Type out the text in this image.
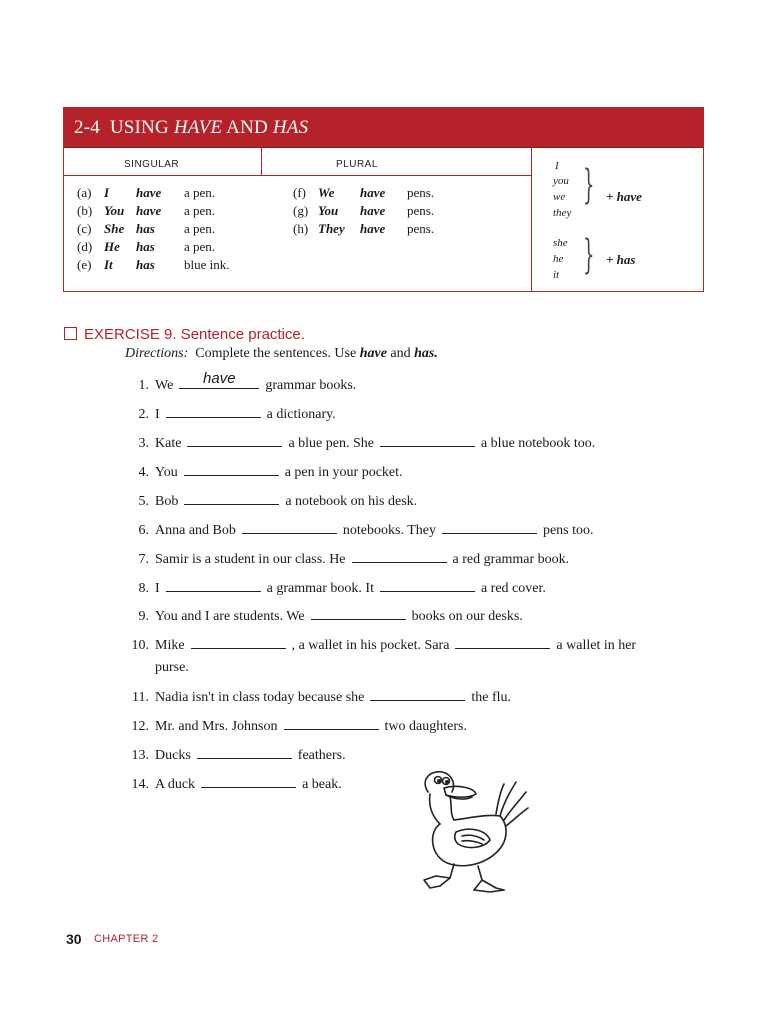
2-4 USING HAVE AND HAS
SINGULAR	PLURAL
(a) I have a pen.
(b) You have a pen.
(c) She has a pen.
(d) He has a pen.
(e) It has blue ink.
(f) We have pens.
(g) You have pens.
(h) They have pens.
I
you
we
they
} + have
she
he
it } + has
EXERCISE 9. Sentence practice.
Directions: Complete the sentences. Use have and has.
1. We	have	grammar books.
2. I	a dictionary.
3. Kate	a blue pen. She	a blue notebook too.
4. You	a pen in your pocket.
5. Bob	a notebook on his desk.
6. Anna and Bob	notebooks. They	pens too.
7. Samir is a student in our class. He	a red grammar book.
8. I	a grammar book. It	a red cover.
9. You and I are students. We	books on our desks.
10. Mike	, a wallet in his pocket. Sara	a wallet in her
purse.
11. Nadia isn't in class today because she	the flu.
12. Mr. and Mrs. Johnson	two daughters.
13. Ducks	feathers.
14. A duck	a beak.
30 CHAPTER 2
